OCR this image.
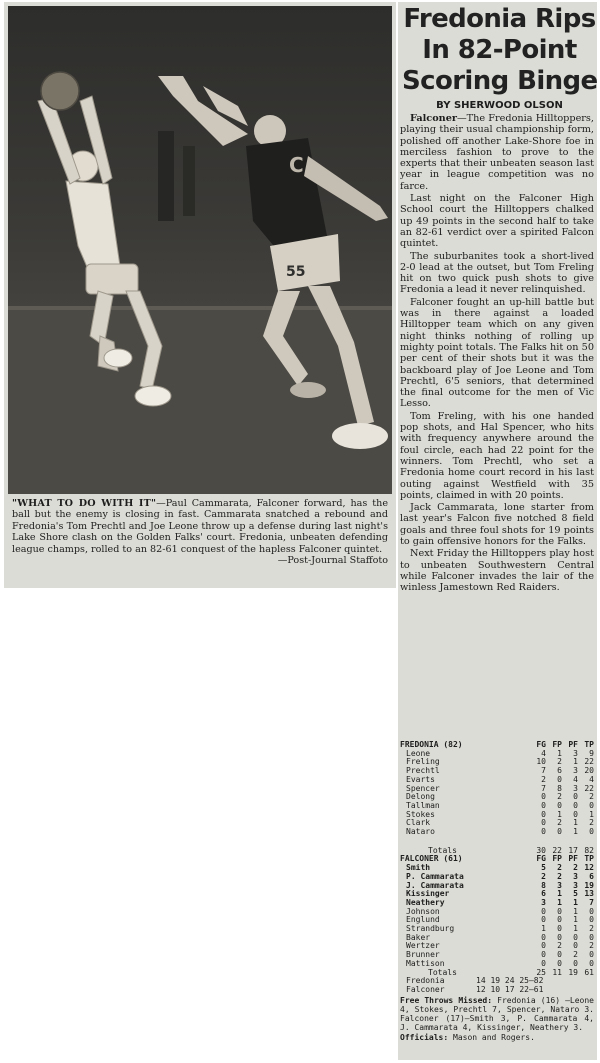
C
55
"WHAT TO DO WITH IT"—Paul Cammarata, Falconer forward, has the ball but the enemy is closing in fast. Cammarata snatched a rebound and Fredonia's Tom Prechtl and Joe Leone throw up a defense during last night's Lake Shore clash on the Golden Falks' court. Fredonia, unbeaten defending league champs, rolled to an 82-61 conquest of the hapless Falconer quintet.
—Post-Journal Staffoto
Fredonia Rips
In 82-Point
Scoring Binge
BY SHERWOOD OLSON

Falconer—The Fredonia Hilltoppers, playing their usual championship form, polished off another Lake-Shore foe in merciless fashion to prove to the experts that their unbeaten season last year in league competition was no farce.

Last night on the Falconer High School court the Hilltoppers chalked up 49 points in the second half to take an 82-61 verdict over a spirited Falcon quintet.

The suburbanites took a short-lived 2-0 lead at the outset, but Tom Freling hit on two quick push shots to give Fredonia a lead it never relinquished.

Falconer fought an up-hill battle but was in there against a loaded Hilltopper team which on any given night thinks nothing of rolling up mighty point totals. The Falks hit on 50 per cent of their shots but it was the backboard play of Joe Leone and Tom Prechtl, 6'5 seniors, that determined the final outcome for the men of Vic Lesso.

Tom Freling, with his one handed pop shots, and Hal Spencer, who hits with frequency anywhere around the foul circle, each had 22 point for the winners. Tom Prechtl, who set a Fredonia home court record in his last outing against Westfield with 35 points, claimed in with 20 points.

Jack Cammarata, lone starter from last year's Falcon five notched 8 field goals and three foul shots for 19 points to gain offensive honors for the Falks.

Next Friday the Hilltoppers play host to unbeaten Southwestern Central while Falconer invades the lair of the winless Jamestown Red Raiders.

FREDONIA (82)	FG	FP	PF	TP
Leone	4	1	3	9
Freling	10	2	1	22
Prechtl	7	6	3	20
Evarts	2	0	4	4
Spencer	7	8	3	22
Delong	0	2	0	2
Tallman	0	0	0	0
Stokes	0	1	0	1
Clark	0	2	1	2
Nataro	0	0	1	0

Totals	30	22	17	82
FALCONER (61)	FG	FP	PF	TP
Smith	5	2	2	12
P. Cammarata	2	2	3	6
J. Cammarata	8	3	3	19
Kissinger	6	1	5	13
Neathery	3	1	1	7
Johnson	0	0	1	0
Englund	0	0	1	0
Strandburg	1	0	1	2
Baker	0	0	0	0
Wertzer	0	2	0	2
Brunner	0	0	2	0
Mattison	0	0	0	0
Totals	25	11	19	61
Fredonia	14 19 24 25—82
Falconer	12 10 17 22—61
Free Throws Missed: Fredonia (16) —Leone 4, Stokes, Prechtl 7, Spencer, Nataro 3. Falconer (17)—Smith 3, P. Cammarata 4, J. Cammarata 4, Kissinger, Neathery 3.
Officials: Mason and Rogers.
